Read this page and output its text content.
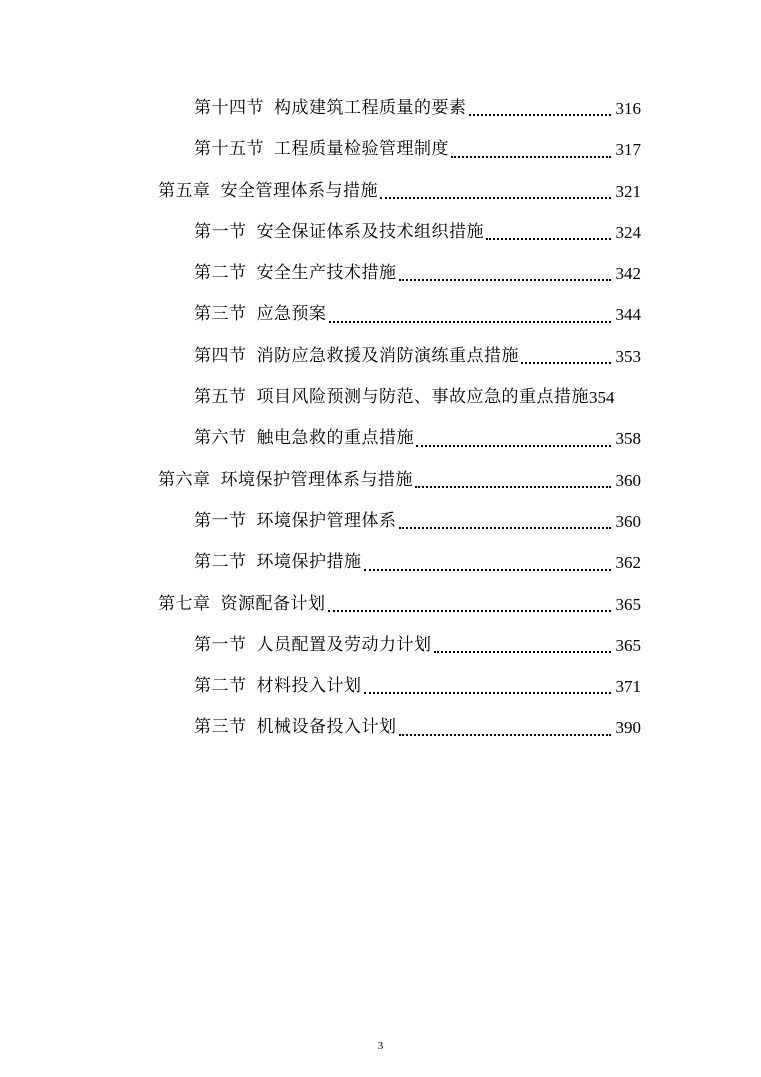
第十四节 构成建筑工程质量的要素	316
第十五节 工程质量检验管理制度	317
第五章 安全管理体系与措施	321
第一节 安全保证体系及技术组织措施	324
第二节 安全生产技术措施	342
第三节 应急预案	344
第四节 消防应急救援及消防演练重点措施	353
第五节 项目风险预测与防范、事故应急的重点措施 354
第六节 触电急救的重点措施	358
第六章 环境保护管理体系与措施	360
第一节 环境保护管理体系	360
第二节 环境保护措施	362
第七章 资源配备计划	365
第一节 人员配置及劳动力计划	365
第二节 材料投入计划	371
第三节 机械设备投入计划	390
3
